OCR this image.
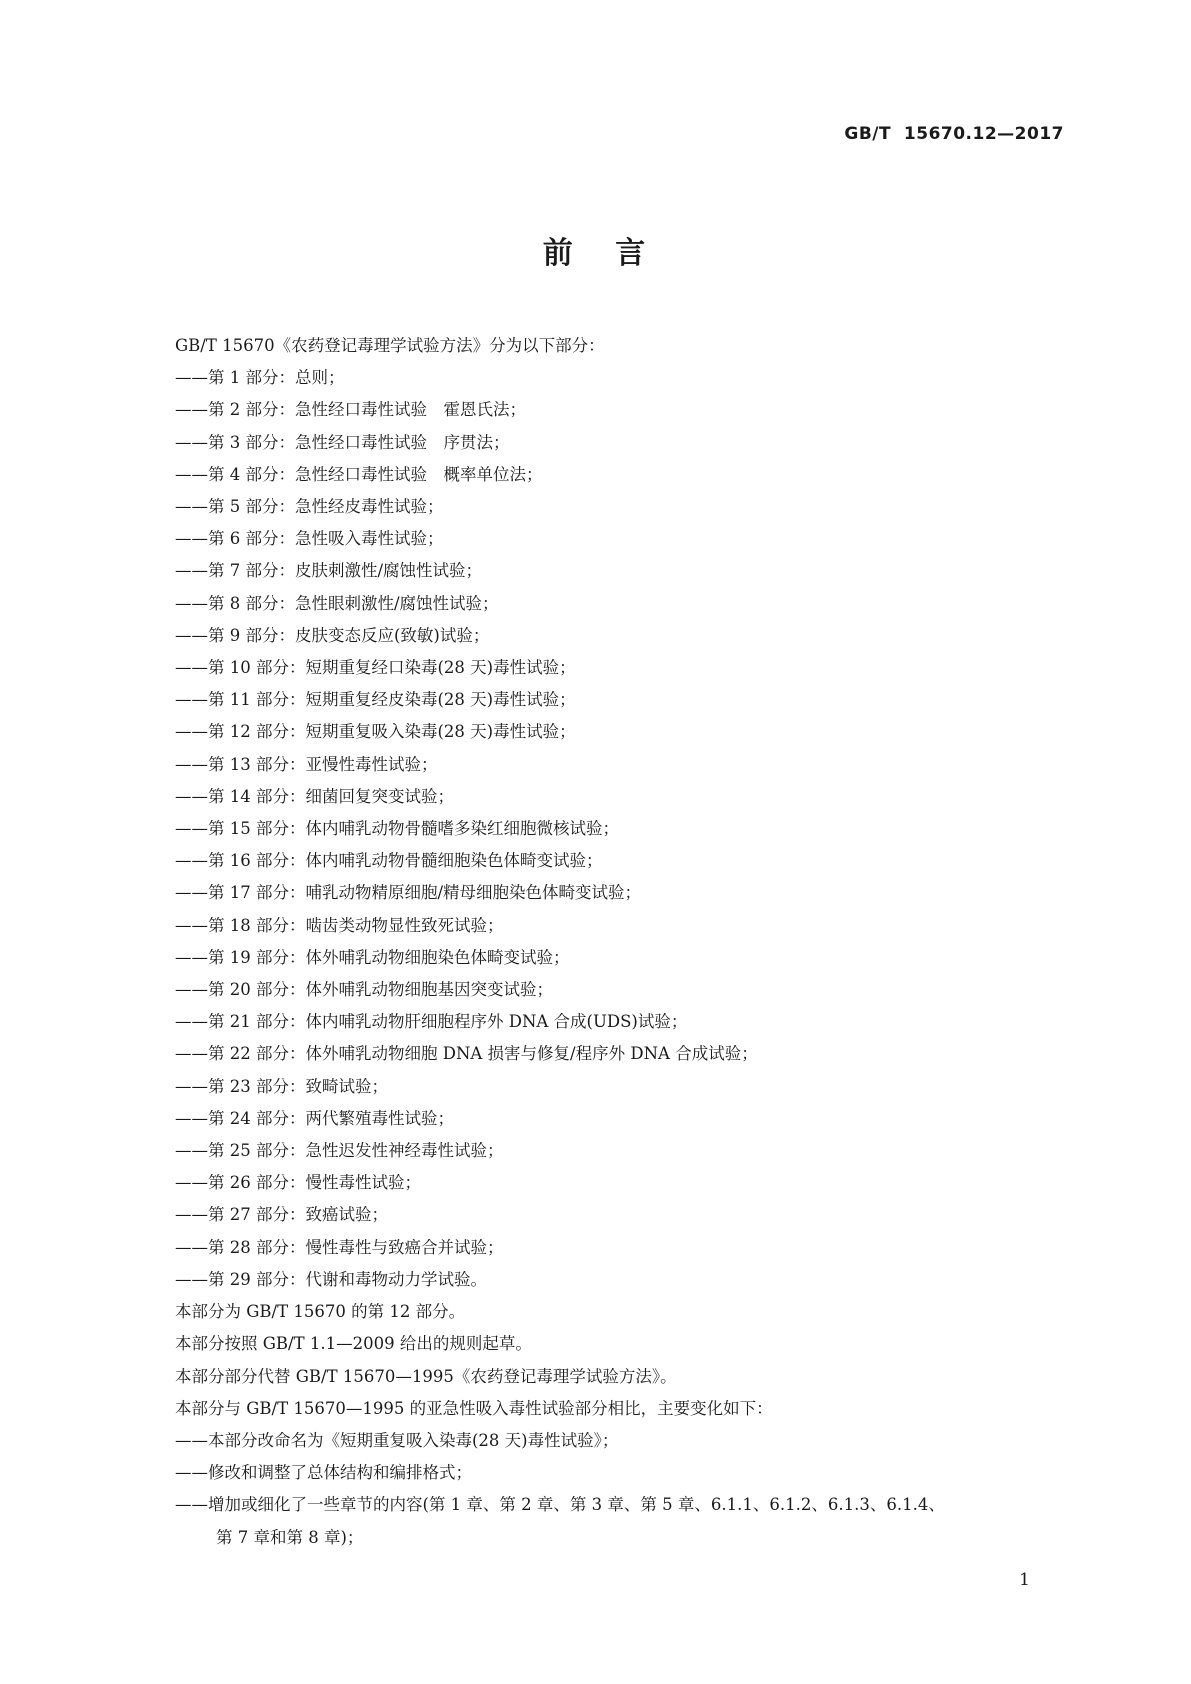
GB/T  15670.12—2017
前 言
GB/T 15670《农药登记毒理学试验方法》分为以下部分：
——第 1 部分：总则；
——第 2 部分：急性经口毒性试验　霍恩氏法；
——第 3 部分：急性经口毒性试验　序贯法；
——第 4 部分：急性经口毒性试验　概率单位法；
——第 5 部分：急性经皮毒性试验；
——第 6 部分：急性吸入毒性试验；
——第 7 部分：皮肤刺激性/腐蚀性试验；
——第 8 部分：急性眼刺激性/腐蚀性试验；
——第 9 部分：皮肤变态反应(致敏)试验；
——第 10 部分：短期重复经口染毒(28 天)毒性试验；
——第 11 部分：短期重复经皮染毒(28 天)毒性试验；
——第 12 部分：短期重复吸入染毒(28 天)毒性试验；
——第 13 部分：亚慢性毒性试验；
——第 14 部分：细菌回复突变试验；
——第 15 部分：体内哺乳动物骨髓嗜多染红细胞微核试验；
——第 16 部分：体内哺乳动物骨髓细胞染色体畸变试验；
——第 17 部分：哺乳动物精原细胞/精母细胞染色体畸变试验；
——第 18 部分：啮齿类动物显性致死试验；
——第 19 部分：体外哺乳动物细胞染色体畸变试验；
——第 20 部分：体外哺乳动物细胞基因突变试验；
——第 21 部分：体内哺乳动物肝细胞程序外 DNA 合成(UDS)试验；
——第 22 部分：体外哺乳动物细胞 DNA 损害与修复/程序外 DNA 合成试验；
——第 23 部分：致畸试验；
——第 24 部分：两代繁殖毒性试验；
——第 25 部分：急性迟发性神经毒性试验；
——第 26 部分：慢性毒性试验；
——第 27 部分：致癌试验；
——第 28 部分：慢性毒性与致癌合并试验；
——第 29 部分：代谢和毒物动力学试验。
本部分为 GB/T 15670 的第 12 部分。
本部分按照 GB/T 1.1—2009 给出的规则起草。
本部分部分代替 GB/T 15670—1995《农药登记毒理学试验方法》。
本部分与 GB/T 15670—1995 的亚急性吸入毒性试验部分相比，主要变化如下：
——本部分改命名为《短期重复吸入染毒(28 天)毒性试验》；
——修改和调整了总体结构和编排格式；
——增加或细化了一些章节的内容(第 1 章、第 2 章、第 3 章、第 5 章、6.1.1、6.1.2、6.1.3、6.1.4、
第 7 章和第 8 章)；
1
